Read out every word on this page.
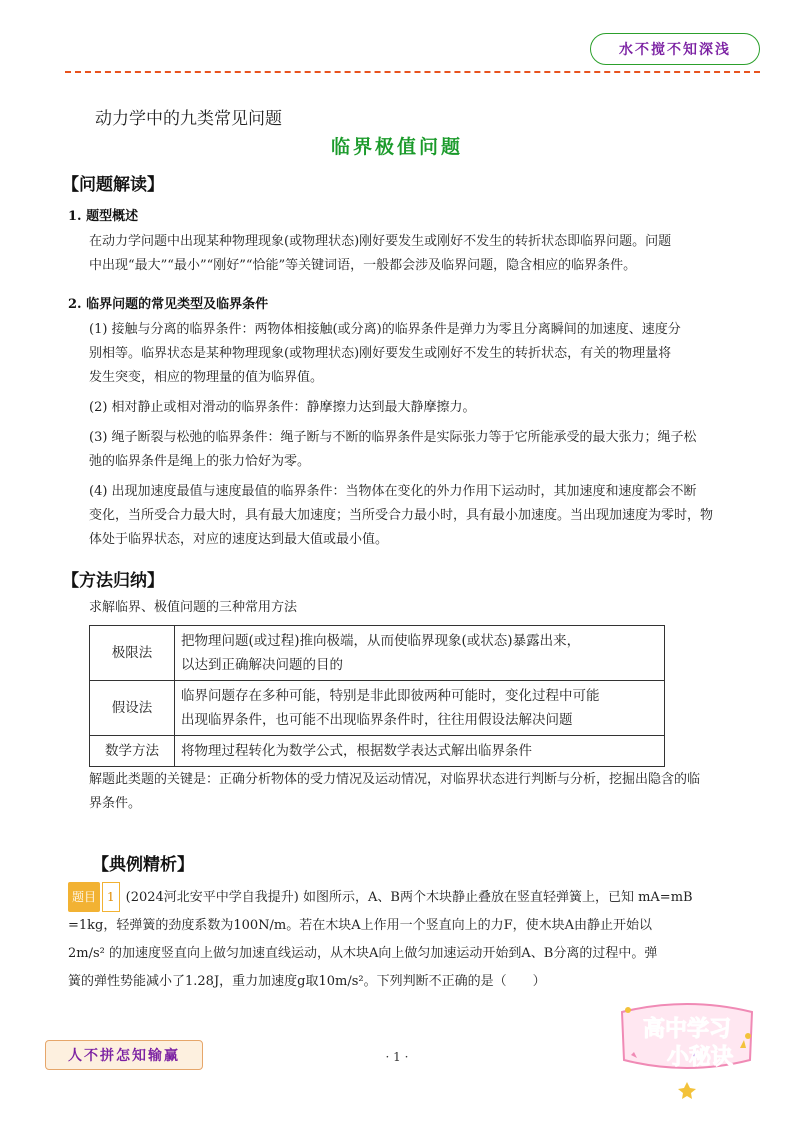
水不搅不知深浅
动力学中的九类常见问题
临界极值问题
【问题解读】
1. 题型概述
在动力学问题中出现某种物理现象(或物理状态)刚好要发生或刚好不发生的转折状态即临界问题。问题
中出现“最大”“最小”“刚好”“恰能”等关键词语，一般都会涉及临界问题，隐含相应的临界条件。
2. 临界问题的常见类型及临界条件
(1) 接触与分离的临界条件：两物体相接触(或分离)的临界条件是弹力为零且分离瞬间的加速度、速度分
别相等。临界状态是某种物理现象(或物理状态)刚好要发生或刚好不发生的转折状态，有关的物理量将
发生突变，相应的物理量的值为临界值。
(2) 相对静止或相对滑动的临界条件：静摩擦力达到最大静摩擦力。
(3) 绳子断裂与松弛的临界条件：绳子断与不断的临界条件是实际张力等于它所能承受的最大张力；绳子松
弛的临界条件是绳上的张力恰好为零。
(4) 出现加速度最值与速度最值的临界条件：当物体在变化的外力作用下运动时，其加速度和速度都会不断
变化，当所受合力最大时，具有最大加速度；当所受合力最小时，具有最小加速度。当出现加速度为零时，物
体处于临界状态，对应的速度达到最大值或最小值。
【方法归纳】
求解临界、极值问题的三种常用方法
极限法	把物理问题(或过程)推向极端，从而使临界现象(或状态)暴露出来，
以达到正确解决问题的目的

假设法	临界问题存在多种可能，特别是非此即彼两种可能时，变化过程中可能
出现临界条件，也可能不出现临界条件时，往往用假设法解决问题

数学方法	将物理过程转化为数学公式，根据数学表达式解出临界条件
解题此类题的关键是：正确分析物体的受力情况及运动情况，对临界状态进行判断与分析，挖掘出隐含的临
界条件。
【典例精析】
题目 1 (2024河北安平中学自我提升) 如图所示，A、B两个木块静止叠放在竖直轻弹簧上，已知 mA=mB
=1kg，轻弹簧的劲度系数为100N/m。若在木块A上作用一个竖直向上的力F，使木块A由静止开始以
2m/s² 的加速度竖直向上做匀加速直线运动，从木块A向上做匀加速运动开始到A、B分离的过程中。弹
簧的弹性势能减小了1.28J，重力加速度g取10m/s²。下列判断不正确的是（　　）
人不拼怎知输赢	· 1 ·
高中学习
小秘诀
